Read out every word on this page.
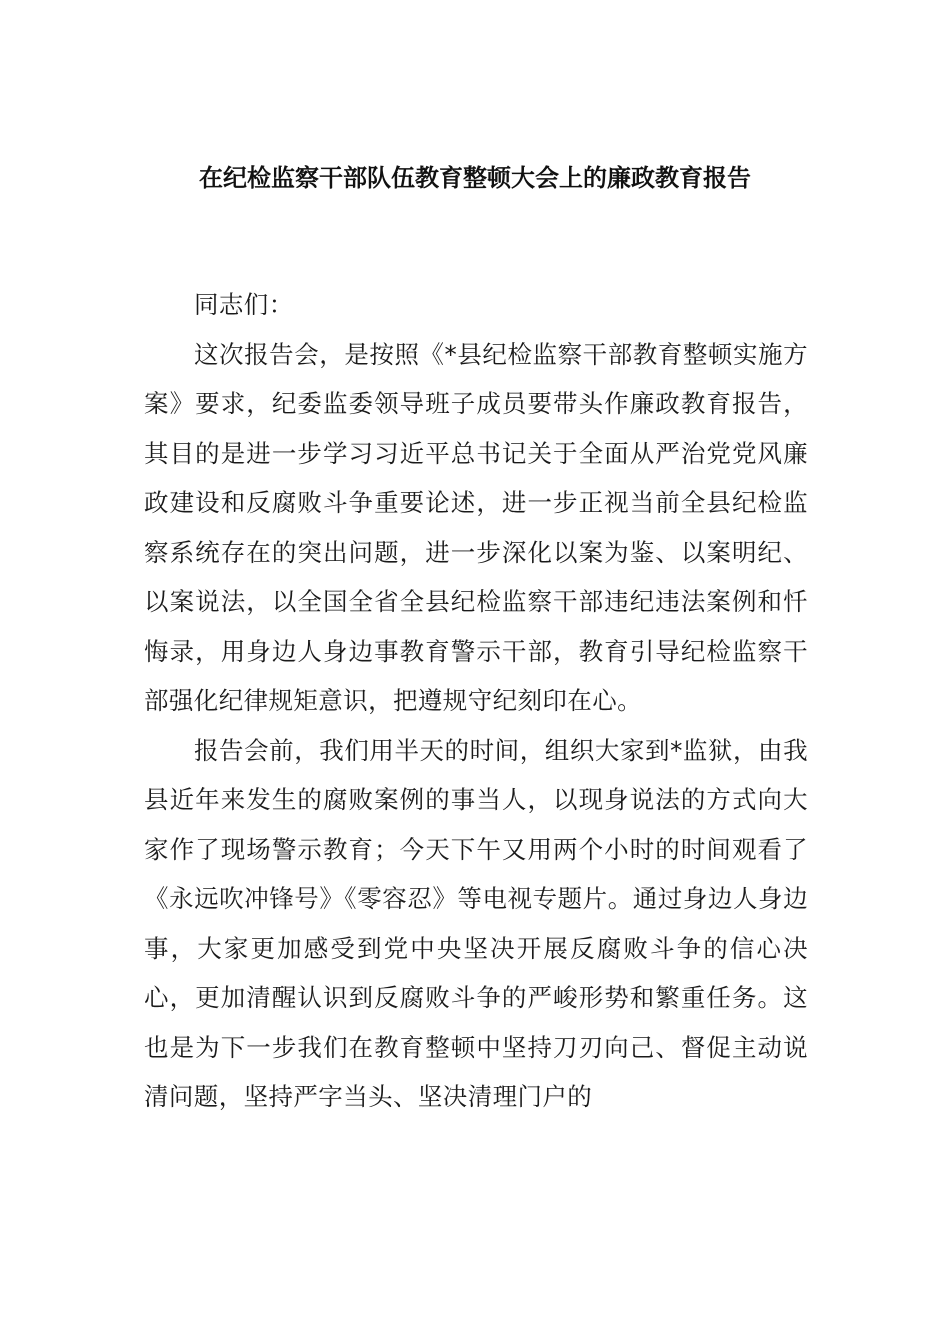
在纪检监察干部队伍教育整顿大会上的廉政教育报告

同志们：

这次报告会，是按照《*县纪检监察干部教育整顿实施方案》要求，纪委监委领导班子成员要带头作廉政教育报告，其目的是进一步学习习近平总书记关于全面从严治党党风廉政建设和反腐败斗争重要论述，进一步正视当前全县纪检监察系统存在的突出问题，进一步深化以案为鉴、以案明纪、以案说法，以全国全省全县纪检监察干部违纪违法案例和忏悔录，用身边人身边事教育警示干部，教育引导纪检监察干部强化纪律规矩意识，把遵规守纪刻印在心。

报告会前，我们用半天的时间，组织大家到*监狱，由我县近年来发生的腐败案例的事当人，以现身说法的方式向大家作了现场警示教育；今天下午又用两个小时的时间观看了《永远吹冲锋号》《零容忍》等电视专题片。通过身边人身边事，大家更加感受到党中央坚决开展反腐败斗争的信心决心，更加清醒认识到反腐败斗争的严峻形势和繁重任务。这也是为下一步我们在教育整顿中坚持刀刃向己、督促主动说清问题，坚持严字当头、坚决清理门户的
